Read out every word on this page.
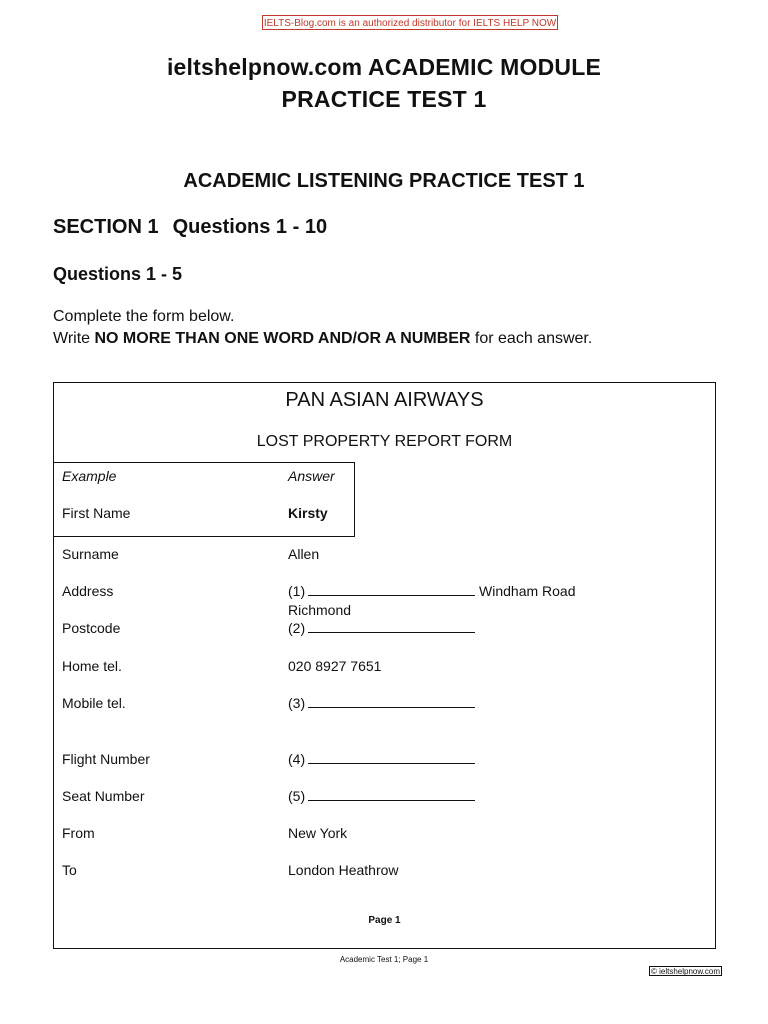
IELTS-Blog.com is an authorized distributor for IELTS HELP NOW
ieltshelpnow.com ACADEMIC MODULE
PRACTICE TEST 1
ACADEMIC LISTENING PRACTICE TEST 1
SECTION 1 Questions 1 - 10
Questions 1 - 5
Complete the form below.
Write NO MORE THAN ONE WORD AND/OR A NUMBER for each answer.
PAN ASIAN AIRWAYS
LOST PROPERTY REPORT FORM
Example	Answer
First Name	Kirsty
Surname	Allen
Address	(1)	Windham Road
Richmond
Postcode	(2)
Home tel.	020 8927 7651
Mobile tel.	(3)
Flight Number	(4)
Seat Number	(5)
From	New York
To	London Heathrow
Page 1
Academic Test 1; Page 1
© ieltshelpnow.com
